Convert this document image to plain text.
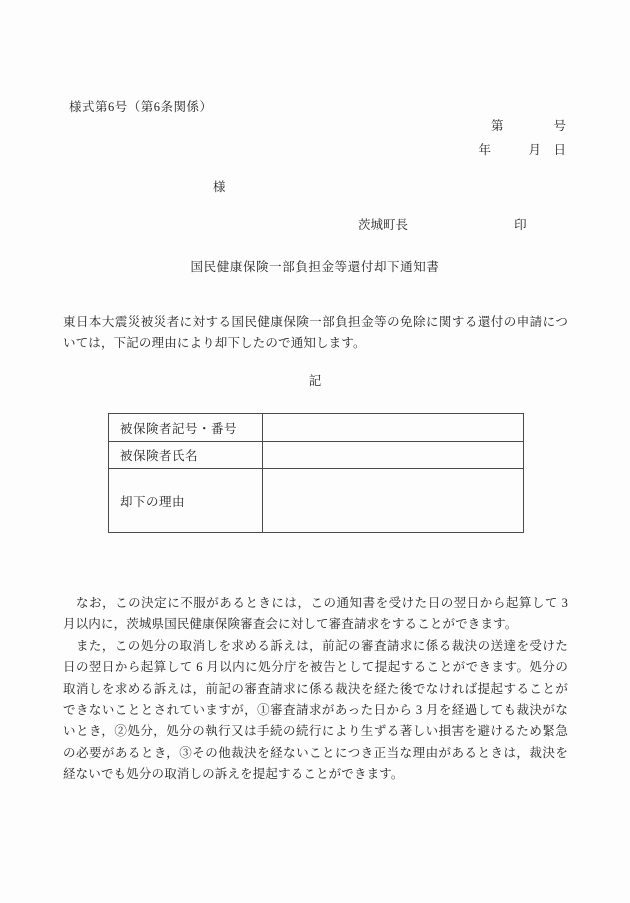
様式第6号（第6条関係）
第　　　　号
年　　　月　日
様
茨城町長	印
国民健康保険一部負担金等還付却下通知書

東日本大震災被災者に対する国民健康保険一部負担金等の免除に関する還付の申請については，下記の理由により却下したので通知します。

記
被保険者記号・番号	
被保険者氏名	
却下の理由	

　なお，この決定に不服があるときには，この通知書を受けた日の翌日から起算して 3 月以内に，茨城県国民健康保険審査会に対して審査請求をすることができます。

　また，この処分の取消しを求める訴えは，前記の審査請求に係る裁決の送達を受けた日の翌日から起算して 6 月以内に処分庁を被告として提起することができます。処分の取消しを求める訴えは，前記の審査請求に係る裁決を経た後でなければ提起することができないこととされていますが，①審査請求があった日から 3 月を経過しても裁決がないとき，②処分，処分の執行又は手続の続行により生ずる著しい損害を避けるため緊急の必要があるとき，③その他裁決を経ないことにつき正当な理由があるときは，裁決を経ないでも処分の取消しの訴えを提起することができます。
